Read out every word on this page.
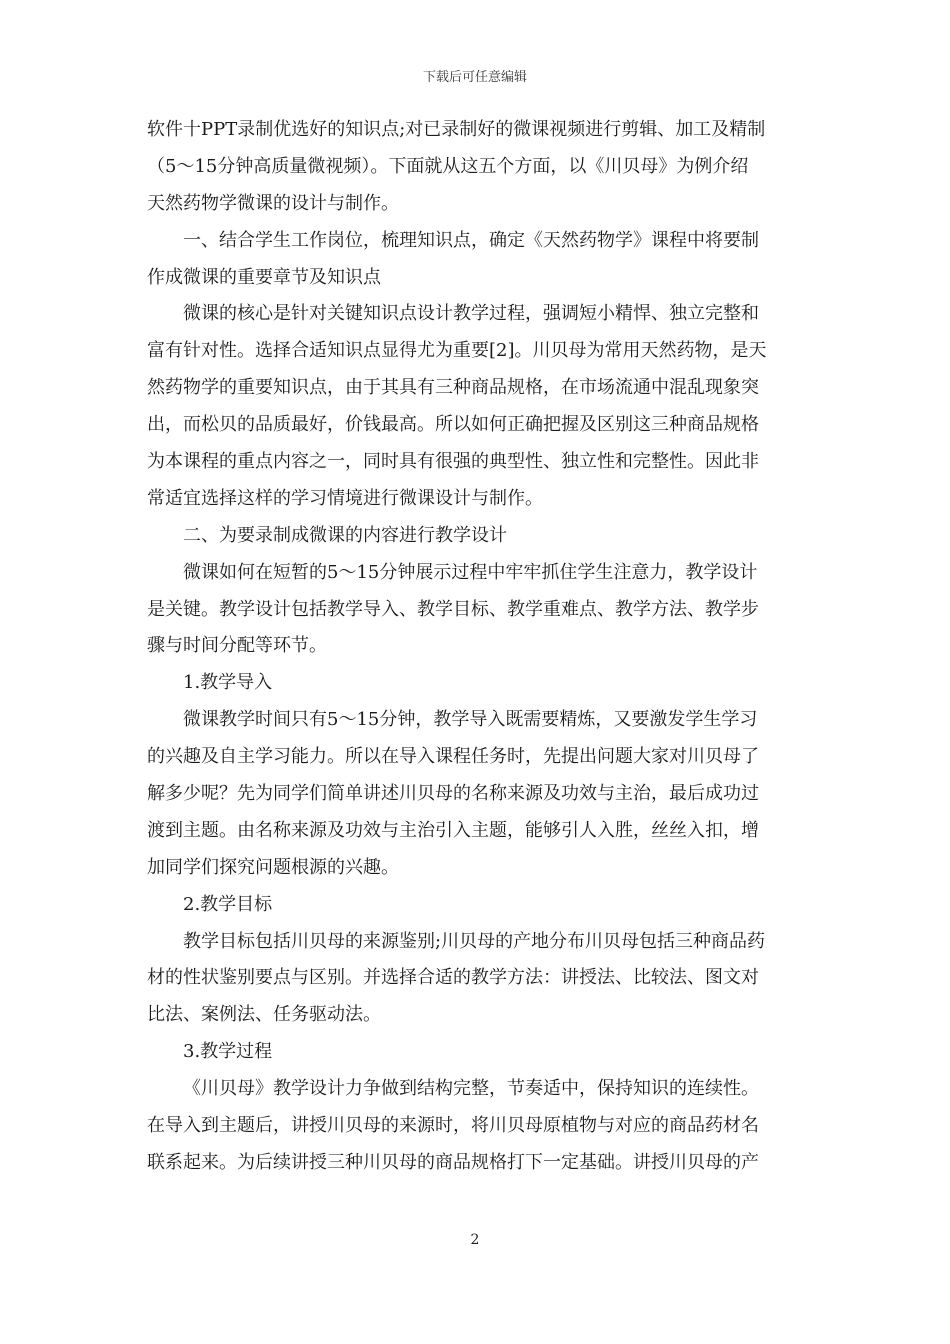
下载后可任意编辑
软件十PPT录制优选好的知识点;对已录制好的微课视频进行剪辑、加工及精制
（5～15分钟高质量微视频）。下面就从这五个方面，以《川贝母》为例介绍
天然药物学微课的设计与制作。
一、结合学生工作岗位，梳理知识点，确定《天然药物学》课程中将要制
作成微课的重要章节及知识点
微课的核心是针对关键知识点设计教学过程，强调短小精悍、独立完整和
富有针对性。选择合适知识点显得尤为重要[2]。川贝母为常用天然药物，是天
然药物学的重要知识点，由于其具有三种商品规格，在市场流通中混乱现象突
出，而松贝的品质最好，价钱最高。所以如何正确把握及区别这三种商品规格
为本课程的重点内容之一，同时具有很强的典型性、独立性和完整性。因此非
常适宜选择这样的学习情境进行微课设计与制作。
二、为要录制成微课的内容进行教学设计
微课如何在短暂的5～15分钟展示过程中牢牢抓住学生注意力，教学设计
是关键。教学设计包括教学导入、教学目标、教学重难点、教学方法、教学步
骤与时间分配等环节。
1.教学导入
微课教学时间只有5～15分钟，教学导入既需要精炼，又要激发学生学习
的兴趣及自主学习能力。所以在导入课程任务时，先提出问题大家对川贝母了
解多少呢？先为同学们简单讲述川贝母的名称来源及功效与主治，最后成功过
渡到主题。由名称来源及功效与主治引入主题，能够引人入胜，丝丝入扣，增
加同学们探究问题根源的兴趣。
2.教学目标
教学目标包括川贝母的来源鉴别;川贝母的产地分布川贝母包括三种商品药
材的性状鉴别要点与区别。并选择合适的教学方法：讲授法、比较法、图文对
比法、案例法、任务驱动法。
3.教学过程
《川贝母》教学设计力争做到结构完整，节奏适中，保持知识的连续性。
在导入到主题后，讲授川贝母的来源时，将川贝母原植物与对应的商品药材名
联系起来。为后续讲授三种川贝母的商品规格打下一定基础。讲授川贝母的产
2
